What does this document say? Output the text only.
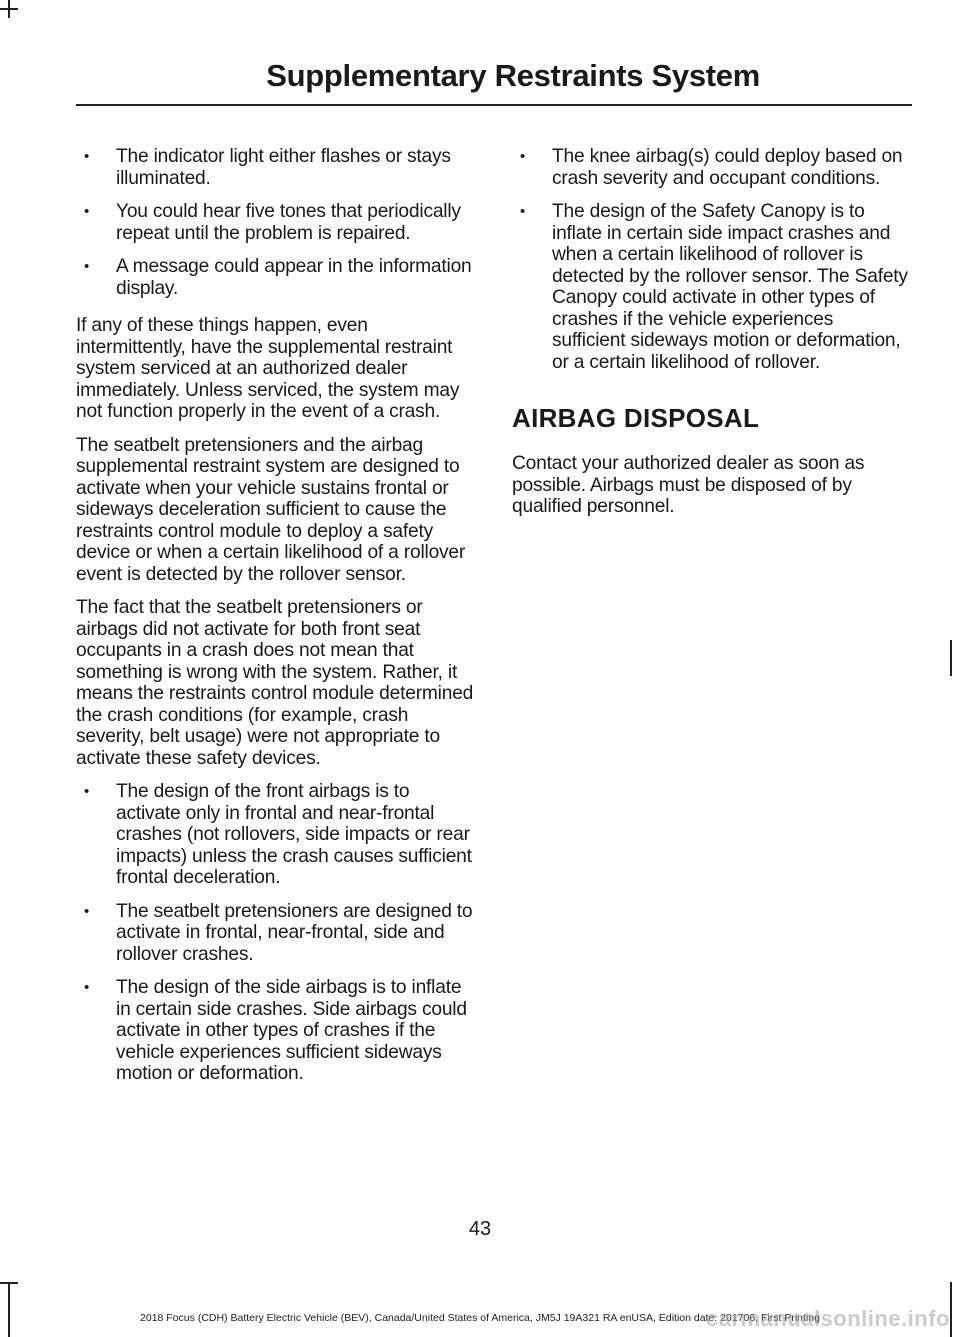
Supplementary Restraints System
• The indicator light either flashes or stays illuminated.
• You could hear five tones that periodically repeat until the problem is repaired.
• A message could appear in the information display.

If any of these things happen, even intermittently, have the supplemental restraint system serviced at an authorized dealer immediately. Unless serviced, the system may not function properly in the event of a crash.

The seatbelt pretensioners and the airbag supplemental restraint system are designed to activate when your vehicle sustains frontal or sideways deceleration sufficient to cause the restraints control module to deploy a safety device or when a certain likelihood of a rollover event is detected by the rollover sensor.

The fact that the seatbelt pretensioners or airbags did not activate for both front seat occupants in a crash does not mean that something is wrong with the system. Rather, it means the restraints control module determined the crash conditions (for example, crash severity, belt usage) were not appropriate to activate these safety devices.

• The design of the front airbags is to activate only in frontal and near-frontal crashes (not rollovers, side impacts or rear impacts) unless the crash causes sufficient frontal deceleration.
• The seatbelt pretensioners are designed to activate in frontal, near-frontal, side and rollover crashes.
• The design of the side airbags is to inflate in certain side crashes. Side airbags could activate in other types of crashes if the vehicle experiences sufficient sideways motion or deformation.
• The knee airbag(s) could deploy based on crash severity and occupant conditions.
• The design of the Safety Canopy is to inflate in certain side impact crashes and when a certain likelihood of rollover is detected by the rollover sensor. The Safety Canopy could activate in other types of crashes if the vehicle experiences sufficient sideways motion or deformation, or a certain likelihood of rollover.
AIRBAG DISPOSAL

Contact your authorized dealer as soon as possible. Airbags must be disposed of by qualified personnel.

43
2018 Focus (CDH) Battery Electric Vehicle (BEV), Canada/United States of America, JM5J 19A321 RA enUSA, Edition date: 201706, First Printing
carmanualsonline.info
